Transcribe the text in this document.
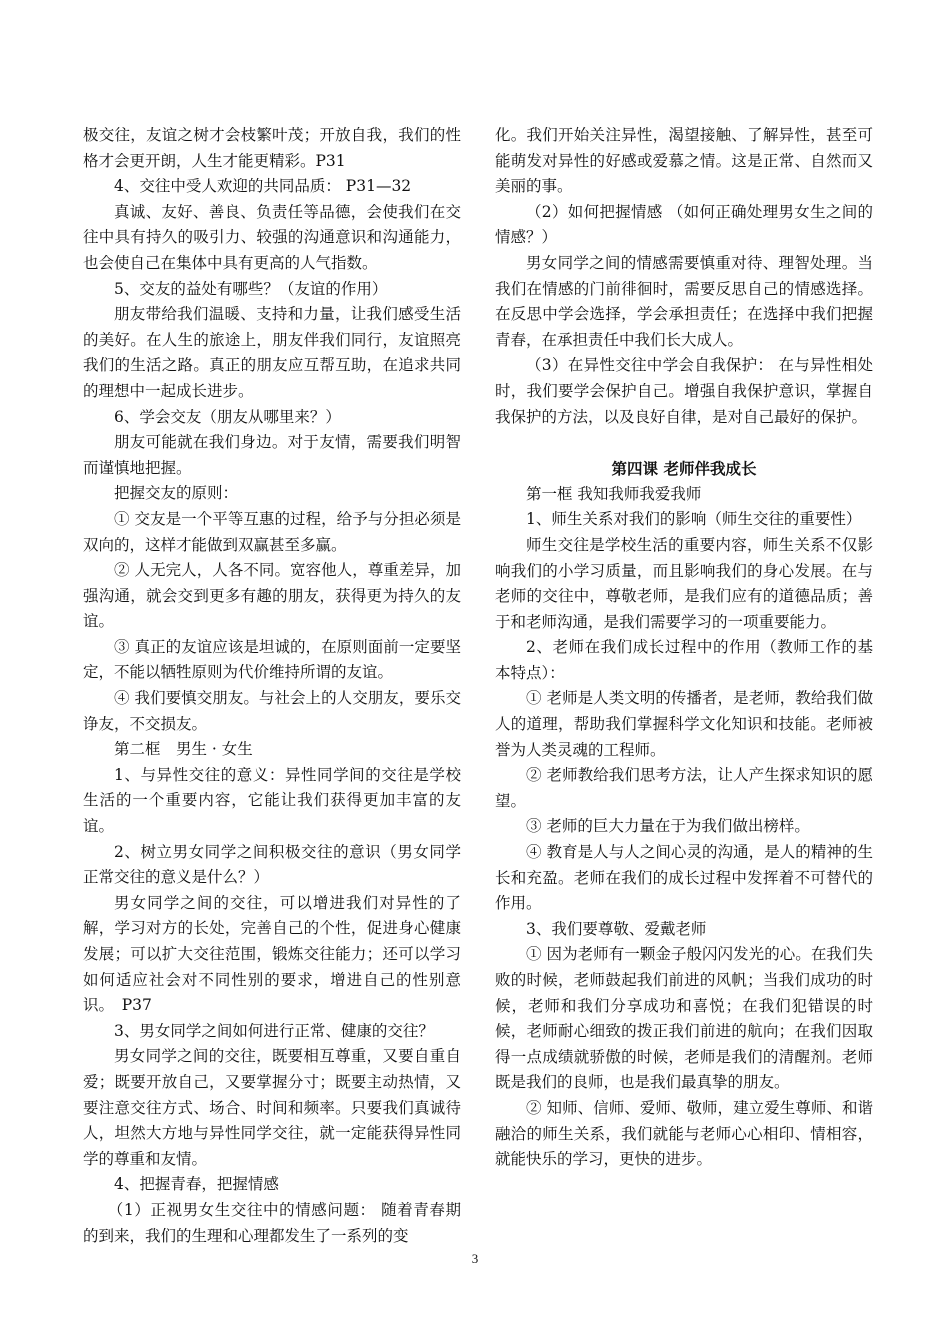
极交往，友谊之树才会枝繁叶茂；开放自我，我们的性格才会更开朗，人生才能更精彩。P31

4、交往中受人欢迎的共同品质： P31—32

真诚、友好、善良、负责任等品德，会使我们在交往中具有持久的吸引力、较强的沟通意识和沟通能力，也会使自己在集体中具有更高的人气指数。

5、交友的益处有哪些？（友谊的作用）

朋友带给我们温暖、支持和力量，让我们感受生活的美好。在人生的旅途上，朋友伴我们同行，友谊照亮我们的生活之路。真正的朋友应互帮互助，在追求共同的理想中一起成长进步。

6、学会交友（朋友从哪里来？）

朋友可能就在我们身边。对于友情，需要我们明智而谨慎地把握。

把握交友的原则：

① 交友是一个平等互惠的过程，给予与分担必须是双向的，这样才能做到双赢甚至多赢。

② 人无完人，人各不同。宽容他人，尊重差异，加强沟通，就会交到更多有趣的朋友，获得更为持久的友谊。

③ 真正的友谊应该是坦诚的，在原则面前一定要坚定，不能以牺牲原则为代价维持所谓的友谊。

④ 我们要慎交朋友。与社会上的人交朋友，要乐交诤友，不交损友。

第二框　男生 · 女生

1、与异性交往的意义：异性同学间的交往是学校生活的一个重要内容，它能让我们获得更加丰富的友谊。

2、树立男女同学之间积极交往的意识（男女同学正常交往的意义是什么？）

男女同学之间的交往，可以增进我们对异性的了解，学习对方的长处，完善自己的个性，促进身心健康发展；可以扩大交往范围，锻炼交往能力；还可以学习如何适应社会对不同性别的要求，增进自己的性别意识。　P37

3、男女同学之间如何进行正常、健康的交往？

男女同学之间的交往，既要相互尊重，又要自重自爱；既要开放自己，又要掌握分寸；既要主动热情，又要注意交往方式、场合、时间和频率。只要我们真诚待人，坦然大方地与异性同学交往，就一定能获得异性同学的尊重和友情。

4、把握青春，把握情感

（1）正视男女生交往中的情感问题： 随着青春期的到来，我们的生理和心理都发生了一系列的变

化。我们开始关注异性，渴望接触、了解异性，甚至可能萌发对异性的好感或爱慕之情。这是正常、自然而又美丽的事。

（2）如何把握情感 （如何正确处理男女生之间的情感？）

男女同学之间的情感需要慎重对待、理智处理。当我们在情感的门前徘徊时，需要反思自己的情感选择。在反思中学会选择，学会承担责任；在选择中我们把握青春，在承担责任中我们长大成人。

（3）在异性交往中学会自我保护： 在与异性相处时，我们要学会保护自己。增强自我保护意识，掌握自我保护的方法，以及良好自律，是对自己最好的保护。

第四课 老师伴我成长

第一框 我知我师我爱我师

1、师生关系对我们的影响（师生交往的重要性）

师生交往是学校生活的重要内容，师生关系不仅影响我们的小学习质量，而且影响我们的身心发展。在与老师的交往中，尊敬老师，是我们应有的道德品质；善于和老师沟通，是我们需要学习的一项重要能力。

2、老师在我们成长过程中的作用（教师工作的基本特点）：

① 老师是人类文明的传播者，是老师，教给我们做人的道理，帮助我们掌握科学文化知识和技能。老师被誉为人类灵魂的工程师。

② 老师教给我们思考方法，让人产生探求知识的愿望。

③ 老师的巨大力量在于为我们做出榜样。

④ 教育是人与人之间心灵的沟通，是人的精神的生长和充盈。老师在我们的成长过程中发挥着不可替代的作用。

3、我们要尊敬、爱戴老师

① 因为老师有一颗金子般闪闪发光的心。在我们失败的时候，老师鼓起我们前进的风帆；当我们成功的时候，老师和我们分享成功和喜悦；在我们犯错误的时候，老师耐心细致的拨正我们前进的航向；在我们因取得一点成绩就骄傲的时候，老师是我们的清醒剂。老师既是我们的良师，也是我们最真挚的朋友。

② 知师、信师、爱师、敬师，建立爱生尊师、和谐融洽的师生关系，我们就能与老师心心相印、情相容，就能快乐的学习，更快的进步。

3
